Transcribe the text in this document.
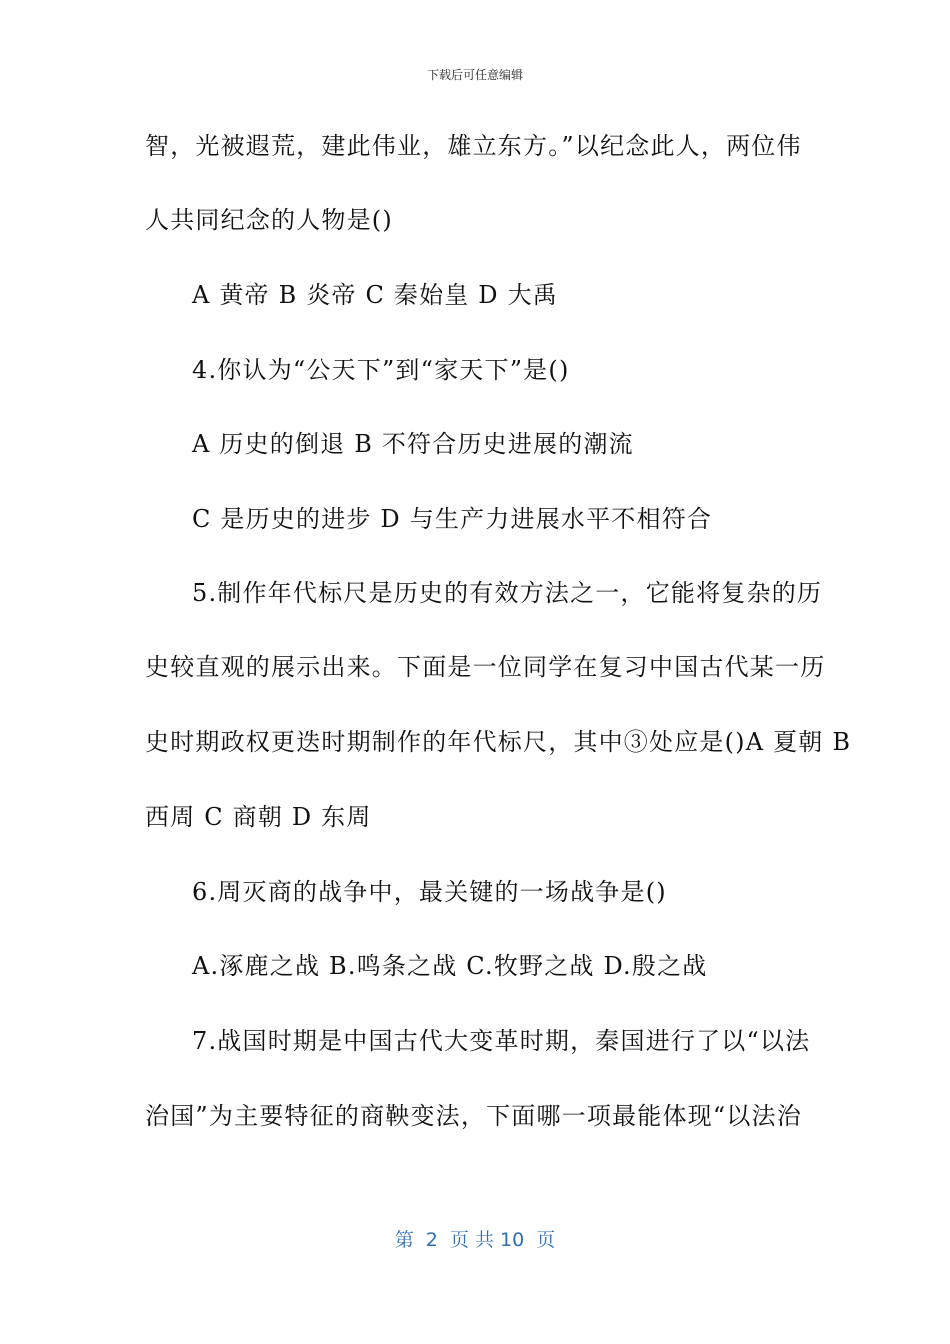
下载后可任意编辑
智，光被遐荒，建此伟业，雄立东方。”以纪念此人，两位伟
人共同纪念的人物是()
A 黄帝 B 炎帝 C 秦始皇 D 大禹
4.你认为“公天下”到“家天下”是()
A 历史的倒退 B 不符合历史进展的潮流
C 是历史的进步 D 与生产力进展水平不相符合
5.制作年代标尺是历史的有效方法之一，它能将复杂的历
史较直观的展示出来。下面是一位同学在复习中国古代某一历
史时期政权更迭时期制作的年代标尺，其中③处应是()A 夏朝 B
西周 C 商朝 D 东周
6.周灭商的战争中，最关键的一场战争是()
A.涿鹿之战 B.鸣条之战 C.牧野之战 D.殷之战
7.战国时期是中国古代大变革时期，秦国进行了以“以法
治国”为主要特征的商鞅变法，下面哪一项最能体现“以法治
第  2  页 共 10  页
